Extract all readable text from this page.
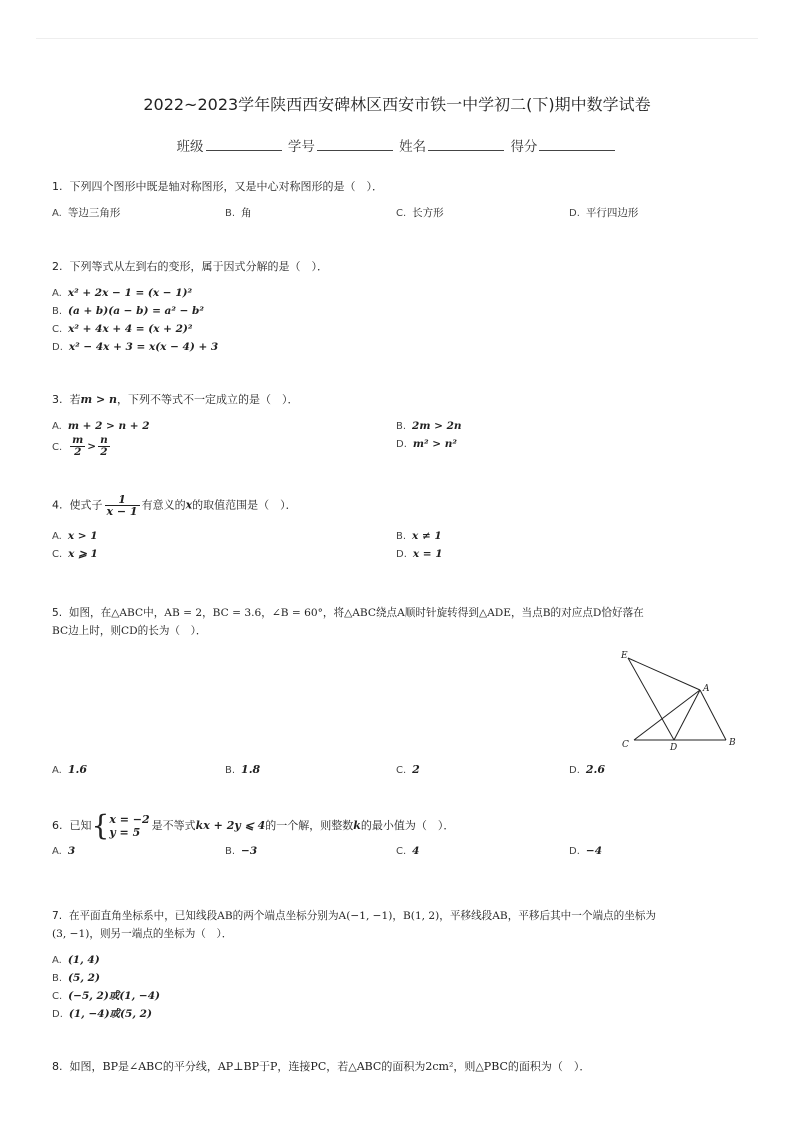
2022~2023学年陕西西安碑林区西安市铁一中学初二(下)期中数学试卷
班级	学号	姓名	得分
1. 下列四个图形中既是轴对称图形，又是中心对称图形的是（　）．
A. 等边三角形	B. 角	C. 长方形	D. 平行四边形
2. 下列等式从左到右的变形，属于因式分解的是（　）．
A. x² + 2x − 1 = (x − 1)²
B. (a + b)(a − b) = a² − b²
C. x² + 4x + 4 = (x + 2)²
D. x² − 4x + 3 = x(x − 4) + 3
3. 若m > n，下列不等式不一定成立的是（　）．
A. m + 2 > n + 2	B. 2m > 2n
C. $\frac{m}{2} > \frac{n}{2}$	D. m² > n²
4. 使式子 $\frac{1}{x - 1}$ 有意义的x的取值范围是（　）．
A. x > 1	B. x ≠ 1
C. x ⩾ 1	D. x = 1
5. 如图，在△ABC中，AB = 2，BC = 3.6，∠B = 60°，将△ABC绕点A顺时针旋转得到△ADE，当点B的对应点D恰好落在
BC边上时，则CD的长为（　）．
E
A
C	D	B
A. 1.6	B. 1.8	C. 2	D. 2.6
6. 已知{ x = −2
y = 5
是不等式kx + 2y ⩽ 4的一个解，则整数k的最小值为（　）．
A. 3	B. −3	C. 4	D. −4
7. 在平面直角坐标系中，已知线段AB的两个端点坐标分别为A(−1, −1)，B(1, 2)，平移线段AB，平移后其中一个端点的坐标为
(3, −1)，则另一端点的坐标为（　）．
A. (1, 4)
B. (5, 2)
C. (−5, 2)或(1, −4)
D. (1, −4)或(5, 2)
8. 如图，BP是∠ABC的平分线，AP⊥BP于P，连接PC，若△ABC的面积为2cm²，则△PBC的面积为（　）．
